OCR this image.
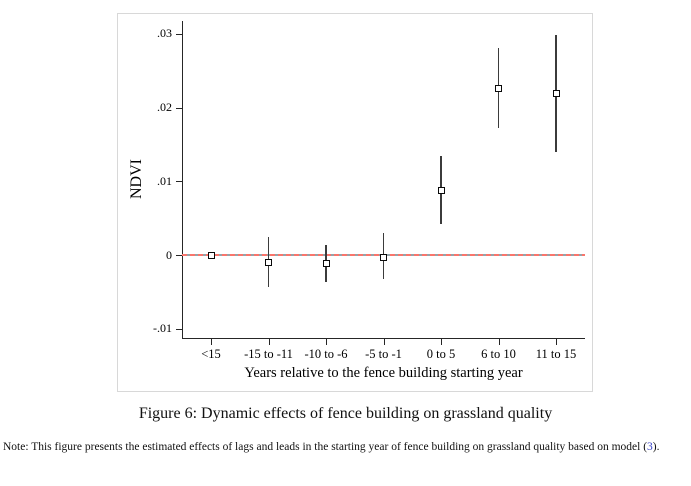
NDVI
.03
.02
.01
0
-.01
<15	-15 to -11 -10 to -6	-5 to -1	0 to 5	6 to 10	11 to 15
Years relative to the fence building starting year
Figure 6: Dynamic effects of fence building on grassland quality

Note: This figure presents the estimated effects of lags and leads in the starting year of fence building on grassland quality based on model (3).
